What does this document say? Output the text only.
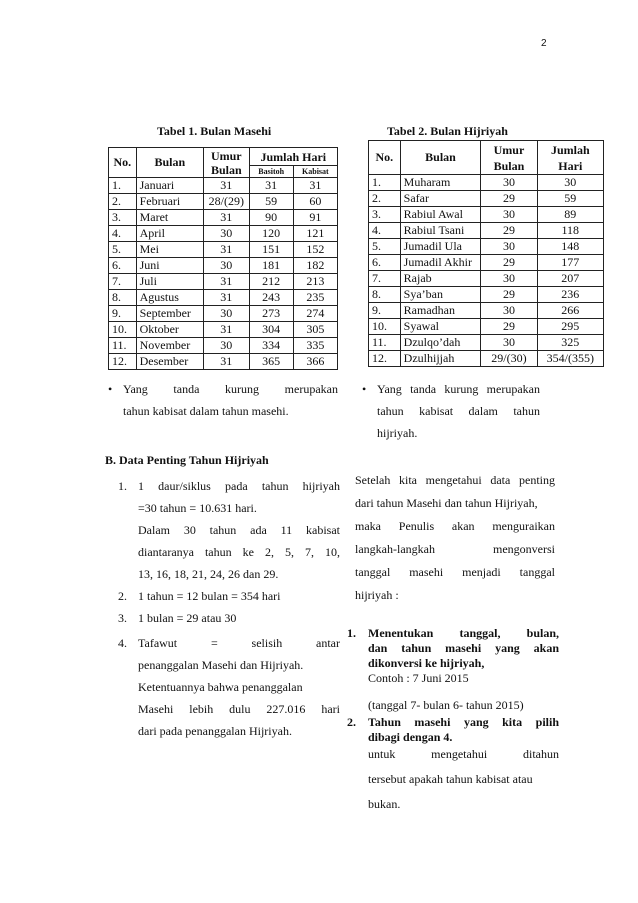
2
Tabel 1. Bulan Masehi
No.	Bulan	Umur Bulan	Jumlah Hari	
			Basitoh	Kabisat
1.	Januari	31	31	31
2.	Februari	28/(29)	59	60
3.	Maret	31	90	91
4.	April	30	120	121
5.	Mei	31	151	152
6.	Juni	30	181	182
7.	Juli	31	212	213
8.	Agustus	31	243	235
9.	September	30	273	274
10.	Oktober	31	304	305
11.	November	30	334	335
12.	Desember	31	365	366
Tabel 2. Bulan Hijriyah
No.	Bulan	Umur Bulan	Jumlah Hari
1.	Muharam	30	30
2.	Safar	29	59
3.	Rabiul Awal	30	89
4.	Rabiul Tsani	29	118
5.	Jumadil Ula	30	148
6.	Jumadil Akhir	29	177
7.	Rajab	30	207
8.	Sya’ban	29	236
9.	Ramadhan	30	266
10.	Syawal	29	295
11.	Dzulqo’dah	30	325
12.	Dzulhijjah	29/(30)	354/(355)
• Yang tanda kurung merupakan
tahun kabisat dalam tahun masehi.
B. Data Penting Tahun Hijriyah
1. 1 daur/siklus pada tahun hijriyah
=30 tahun = 10.631 hari.
Dalam 30 tahun ada 11 kabisat
diantaranya tahun ke 2, 5, 7, 10,
13, 16, 18, 21, 24, 26 dan 29.
2. 1 tahun = 12 bulan = 354 hari
3. 1 bulan = 29 atau 30
4. Tafawut = selisih antar
penanggalan Masehi dan Hijriyah.
Ketentuannya bahwa penanggalan
Masehi lebih dulu 227.016 hari
dari pada penanggalan Hijriyah.
• Yang tanda kurung merupakan
tahun kabisat dalam tahun
hijriyah.
Setelah kita mengetahui data penting
dari tahun Masehi dan tahun Hijriyah,
maka Penulis akan menguraikan
langkah-langkah mengonversi
tanggal masehi menjadi tanggal
hijriyah :
1. Menentukan tanggal, bulan,
dan tahun masehi yang akan
dikonversi ke hijriyah,
Contoh : 7 Juni 2015
(tanggal 7- bulan 6- tahun 2015)
2. Tahun masehi yang kita pilih
dibagi dengan 4.
untuk mengetahui ditahun
tersebut apakah tahun kabisat atau
bukan.
